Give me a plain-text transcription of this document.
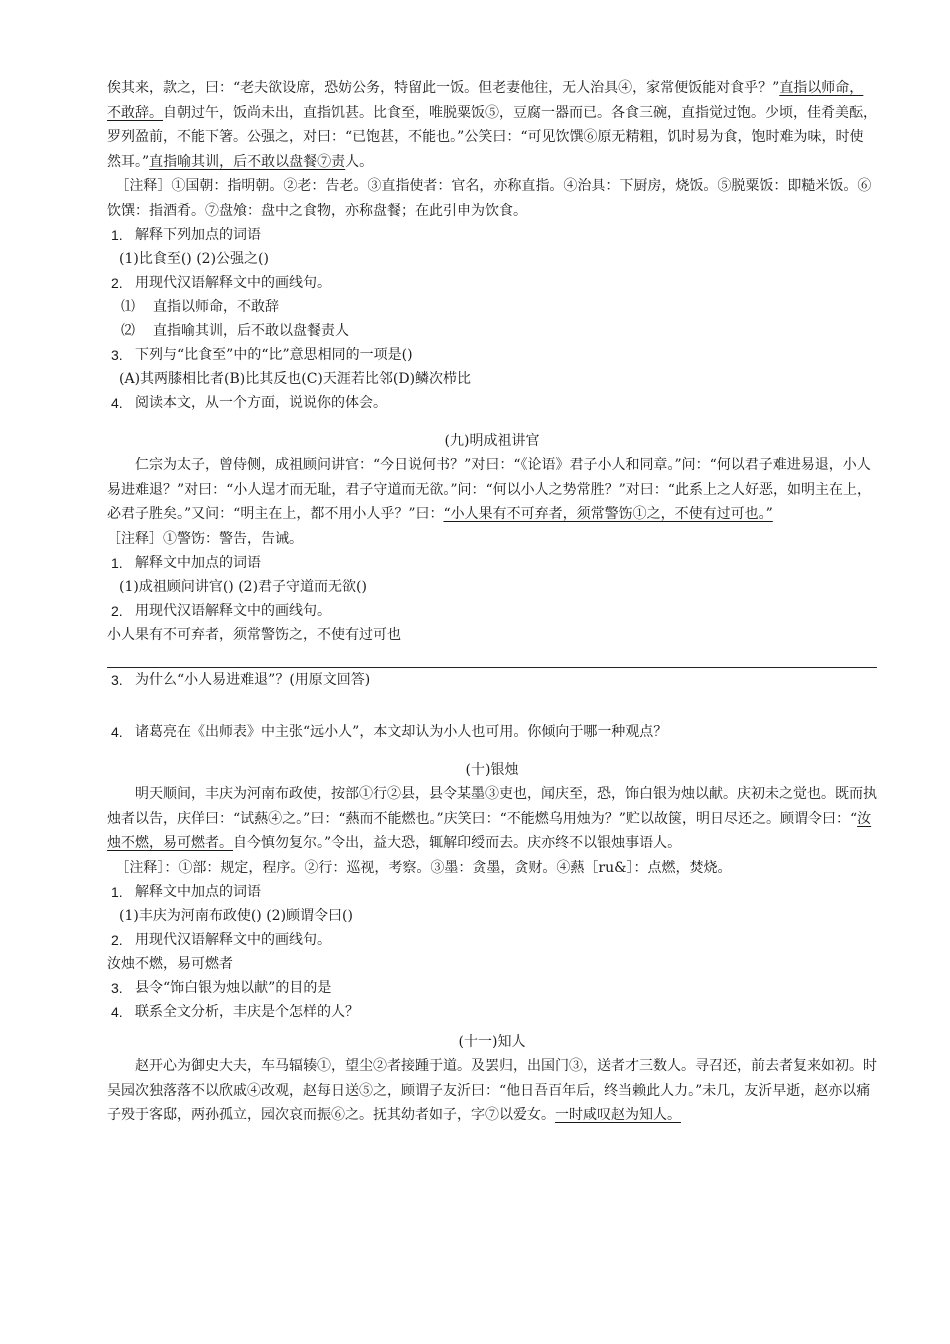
俟其来，款之，曰：“老夫欲设席，恐妨公务，特留此一饭。但老妻他往，无人治具④，家常便饭能对食乎？”直指以师命，不敢辞。自朝过午，饭尚未出，直指饥甚。比食至，唯脱粟饭⑤，豆腐一器而已。各食三碗，直指觉过饱。少顷，佳肴美酝，罗列盈前，不能下箸。公强之，对曰：“已饱甚，不能也。”公笑曰：“可见饮馔⑥原无精粗，饥时易为食，饱时难为味，时使然耳。”直指喻其训，后不敢以盘餐⑦责人。

［注释］①国朝：指明朝。②老：告老。③直指使者：官名，亦称直指。④治具：下厨房，烧饭。⑤脱粟饭：即糙米饭。⑥饮馔：指酒肴。⑦盘飧：盘中之食物，亦称盘餐；在此引申为饮食。

1. 解释下列加点的词语
(1)比食至() (2)公强之()
2. 用现代汉语解释文中的画线句。
⑴ 直指以师命，不敢辞
⑵ 直指喻其训，后不敢以盘餐责人
3. 下列与“比食至”中的“比”意思相同的一项是()
(A)其两膝相比者(B)比其反也(C)天涯若比邻(D)鳞次栉比
4. 阅读本文，从一个方面，说说你的体会。
(九)明成祖讲官

仁宗为太子，曾侍侧，成祖顾问讲官：“今日说何书？”对曰：“《论语》君子小人和同章。”问：“何以君子难进易退，小人易进难退？”对曰：“小人逞才而无耻，君子守道而无欲。”问：“何以小人之势常胜？”对曰：“此系上之人好恶，如明主在上，必君子胜矣。”又问：“明主在上，都不用小人乎？”曰：“小人果有不可弃者，须常警饬①之，不使有过可也。”

［注释］①警饬：警告，告诫。

1. 解释文中加点的词语
(1)成祖顾问讲官() (2)君子守道而无欲()
2. 用现代汉语解释文中的画线句。
小人果有不可弃者，须常警饬之，不使有过可也
3. 为什么“小人易进难退”？(用原文回答)
4. 诸葛亮在《出师表》中主张“远小人”，本文却认为小人也可用。你倾向于哪一种观点？
(十)银烛

明天顺间，丰庆为河南布政使，按部①行②县，县令某墨③吏也，闻庆至，恐，饰白银为烛以献。庆初未之觉也。既而执烛者以告，庆佯曰：“试爇④之。”曰：“爇而不能燃也。”庆笑曰：“不能燃乌用烛为？”贮以故箧，明日尽还之。顾谓令曰：“汝烛不燃，易可燃者。自今慎勿复尔。”令出，益大恐，辄解印绶而去。庆亦终不以银烛事语人。

［注释］：①部：规定，程序。②行：巡视，考察。③墨：贪墨，贪财。④爇［ru&］：点燃，焚烧。

1. 解释文中加点的词语
(1)丰庆为河南布政使() (2)顾谓令曰()
2. 用现代汉语解释文中的画线句。
汝烛不燃，易可燃者
3. 县令“饰白银为烛以献”的目的是
4. 联系全文分析，丰庆是个怎样的人？
(十一)知人

赵开心为御史大夫，车马辐辏①，望尘②者接踵于道。及罢归，出国门③，送者才三数人。寻召还，前去者复来如初。时吴园次独落落不以欣戚④改观，赵每日送⑤之，顾谓子友沂曰：“他日吾百年后，终当赖此人力。”未几，友沂早逝，赵亦以痛子殁于客邸，两孙孤立，园次哀而振⑥之。抚其幼者如子，字⑦以爱女。一时咸叹赵为知人。
